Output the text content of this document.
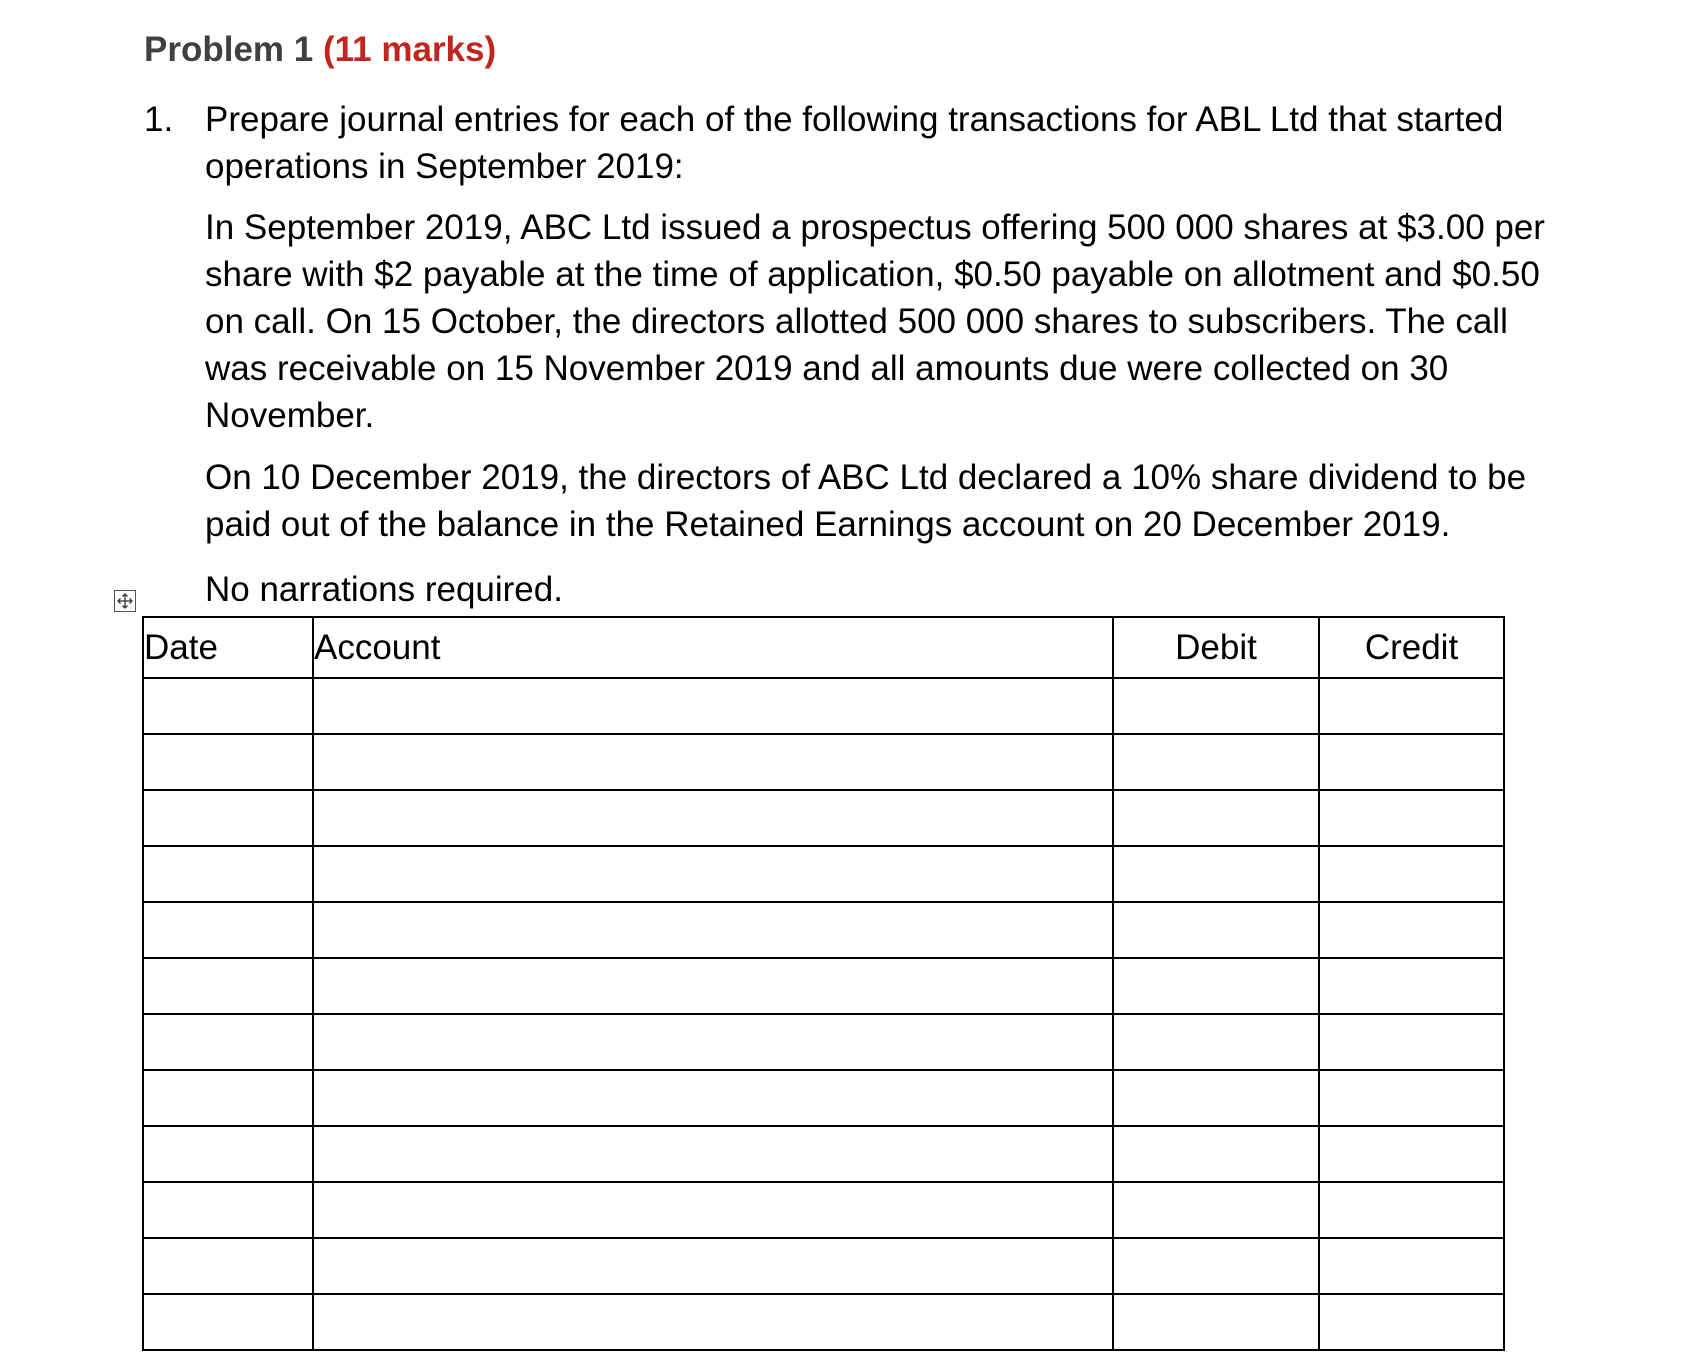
Problem 1 (11 marks)
1. Prepare journal entries for each of the following transactions for ABL Ltd that started
operations in September 2019:
In September 2019, ABC Ltd issued a prospectus offering 500 000 shares at $3.00 per
share with $2 payable at the time of application, $0.50 payable on allotment and $0.50
on call. On 15 October, the directors allotted 500 000 shares to subscribers. The call
was receivable on 15 November 2019 and all amounts due were collected on 30
November.
On 10 December 2019, the directors of ABC Ltd declared a 10% share dividend to be
paid out of the balance in the Retained Earnings account on 20 December 2019.
No narrations required.
Date	Account	Debit	Credit
